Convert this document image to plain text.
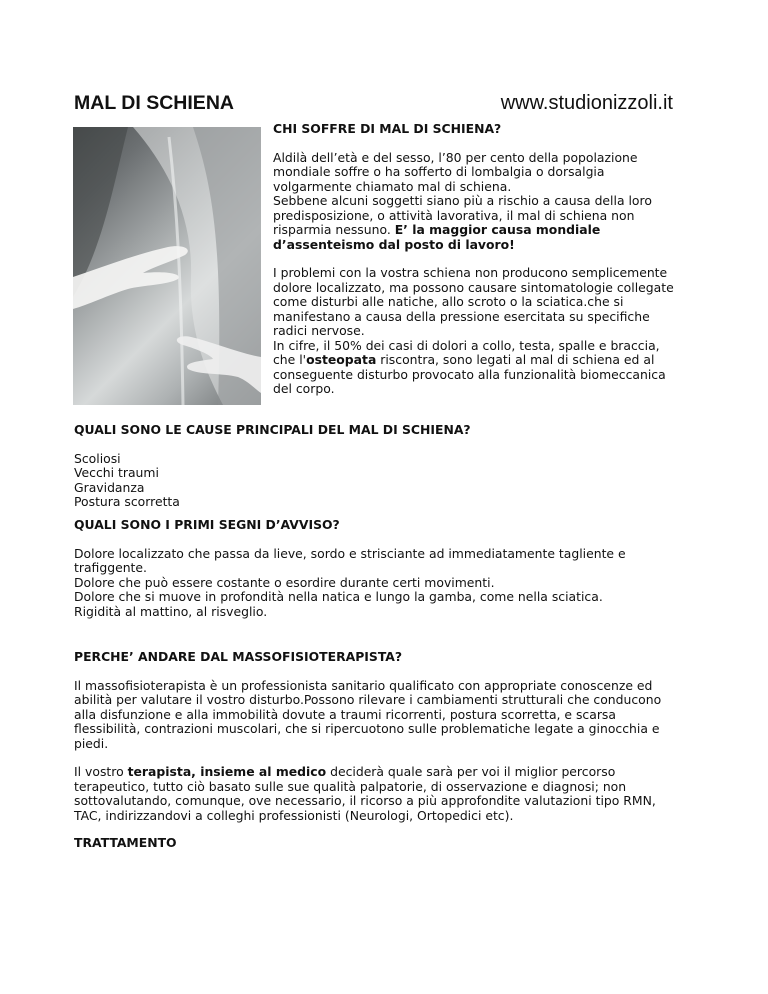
MAL DI SCHIENA	www.studionizzoli.it
CHI SOFFRE DI MAL DI SCHIENA?

Aldilà dell’età e del sesso, l’80 per cento della popolazione
mondiale soffre o ha sofferto di lombalgia o dorsalgia
volgarmente chiamato mal di schiena.
Sebbene alcuni soggetti siano più a rischio a causa della loro
predisposizione, o attività lavorativa, il mal di schiena non
risparmia nessuno. E’ la maggior causa mondiale
d’assenteismo dal posto di lavoro!

I problemi con la vostra schiena non producono semplicemente
dolore localizzato, ma possono causare sintomatologie collegate
come disturbi alle natiche, allo scroto o la sciatica.che si
manifestano a causa della pressione esercitata su specifiche
radici nervose.
In cifre, il 50% dei casi di dolori a collo, testa, spalle e braccia,
che l'osteopata riscontra, sono legati al mal di schiena ed al
conseguente disturbo provocato alla funzionalità biomeccanica
del corpo.

QUALI SONO LE CAUSE PRINCIPALI DEL MAL DI SCHIENA?

Scoliosi
Vecchi traumi
Gravidanza
Postura scorretta

QUALI SONO I PRIMI SEGNI D’AVVISO?

Dolore localizzato che passa da lieve, sordo e strisciante ad immediatamente tagliente e
trafiggente.
Dolore che può essere costante o esordire durante certi movimenti.
Dolore che si muove in profondità nella natica e lungo la gamba, come nella sciatica.
Rigidità al mattino, al risveglio.

PERCHE’ ANDARE DAL MASSOFISIOTERAPISTA?

Il massofisioterapista è un professionista sanitario qualificato con appropriate conoscenze ed
abilità per valutare il vostro disturbo.Possono rilevare i cambiamenti strutturali che conducono
alla disfunzione e alla immobilità dovute a traumi ricorrenti, postura scorretta, e scarsa
flessibilità, contrazioni muscolari, che si ripercuotono sulle problematiche legate a ginocchia e
piedi.

Il vostro terapista, insieme al medico deciderà quale sarà per voi il miglior percorso
terapeutico, tutto ciò basato sulle sue qualità palpatorie, di osservazione e diagnosi; non
sottovalutando, comunque, ove necessario, il ricorso a più approfondite valutazioni tipo RMN,
TAC, indirizzandovi a colleghi professionisti (Neurologi, Ortopedici etc).

TRATTAMENTO
